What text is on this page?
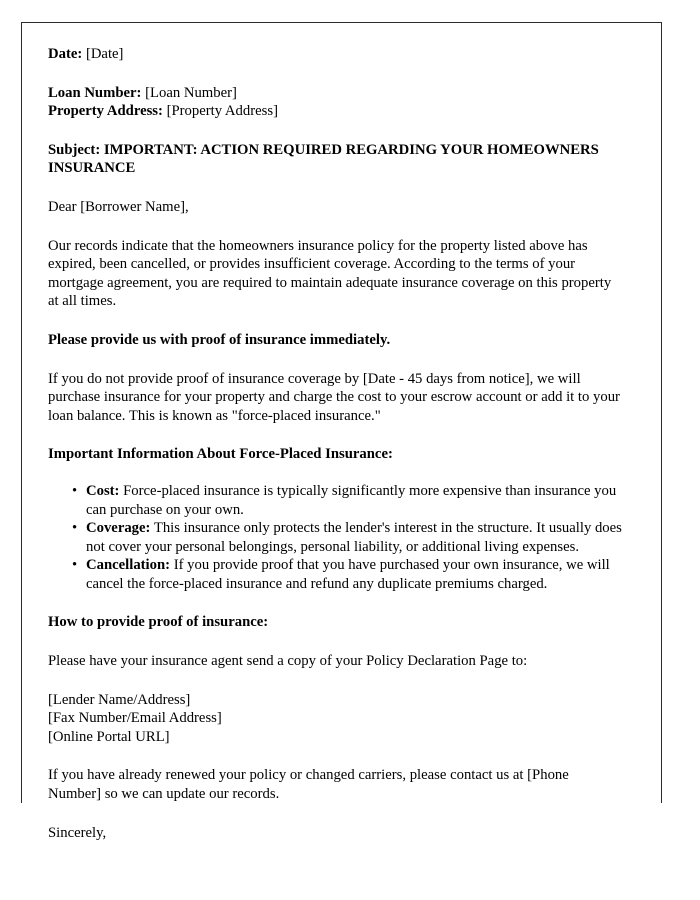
Date: [Date]

Loan Number: [Loan Number]

Property Address: [Property Address]

Subject: IMPORTANT: ACTION REQUIRED REGARDING YOUR HOMEOWNERS INSURANCE

Dear [Borrower Name],

Our records indicate that the homeowners insurance policy for the property listed above has expired, been cancelled, or provides insufficient coverage. According to the terms of your mortgage agreement, you are required to maintain adequate insurance coverage on this property at all times.

Please provide us with proof of insurance immediately.

If you do not provide proof of insurance coverage by [Date - 45 days from notice], we will purchase insurance for your property and charge the cost to your escrow account or add it to your loan balance. This is known as "force-placed insurance."

Important Information About Force-Placed Insurance:

• Cost: Force-placed insurance is typically significantly more expensive than insurance you can purchase on your own.
• Coverage: This insurance only protects the lender's interest in the structure. It usually does not cover your personal belongings, personal liability, or additional living expenses.
• Cancellation: If you provide proof that you have purchased your own insurance, we will cancel the force-placed insurance and refund any duplicate premiums charged.

How to provide proof of insurance:

Please have your insurance agent send a copy of your Policy Declaration Page to:

[Lender Name/Address]

[Fax Number/Email Address]

[Online Portal URL]

If you have already renewed your policy or changed carriers, please contact us at [Phone Number] so we can update our records.

Sincerely,
